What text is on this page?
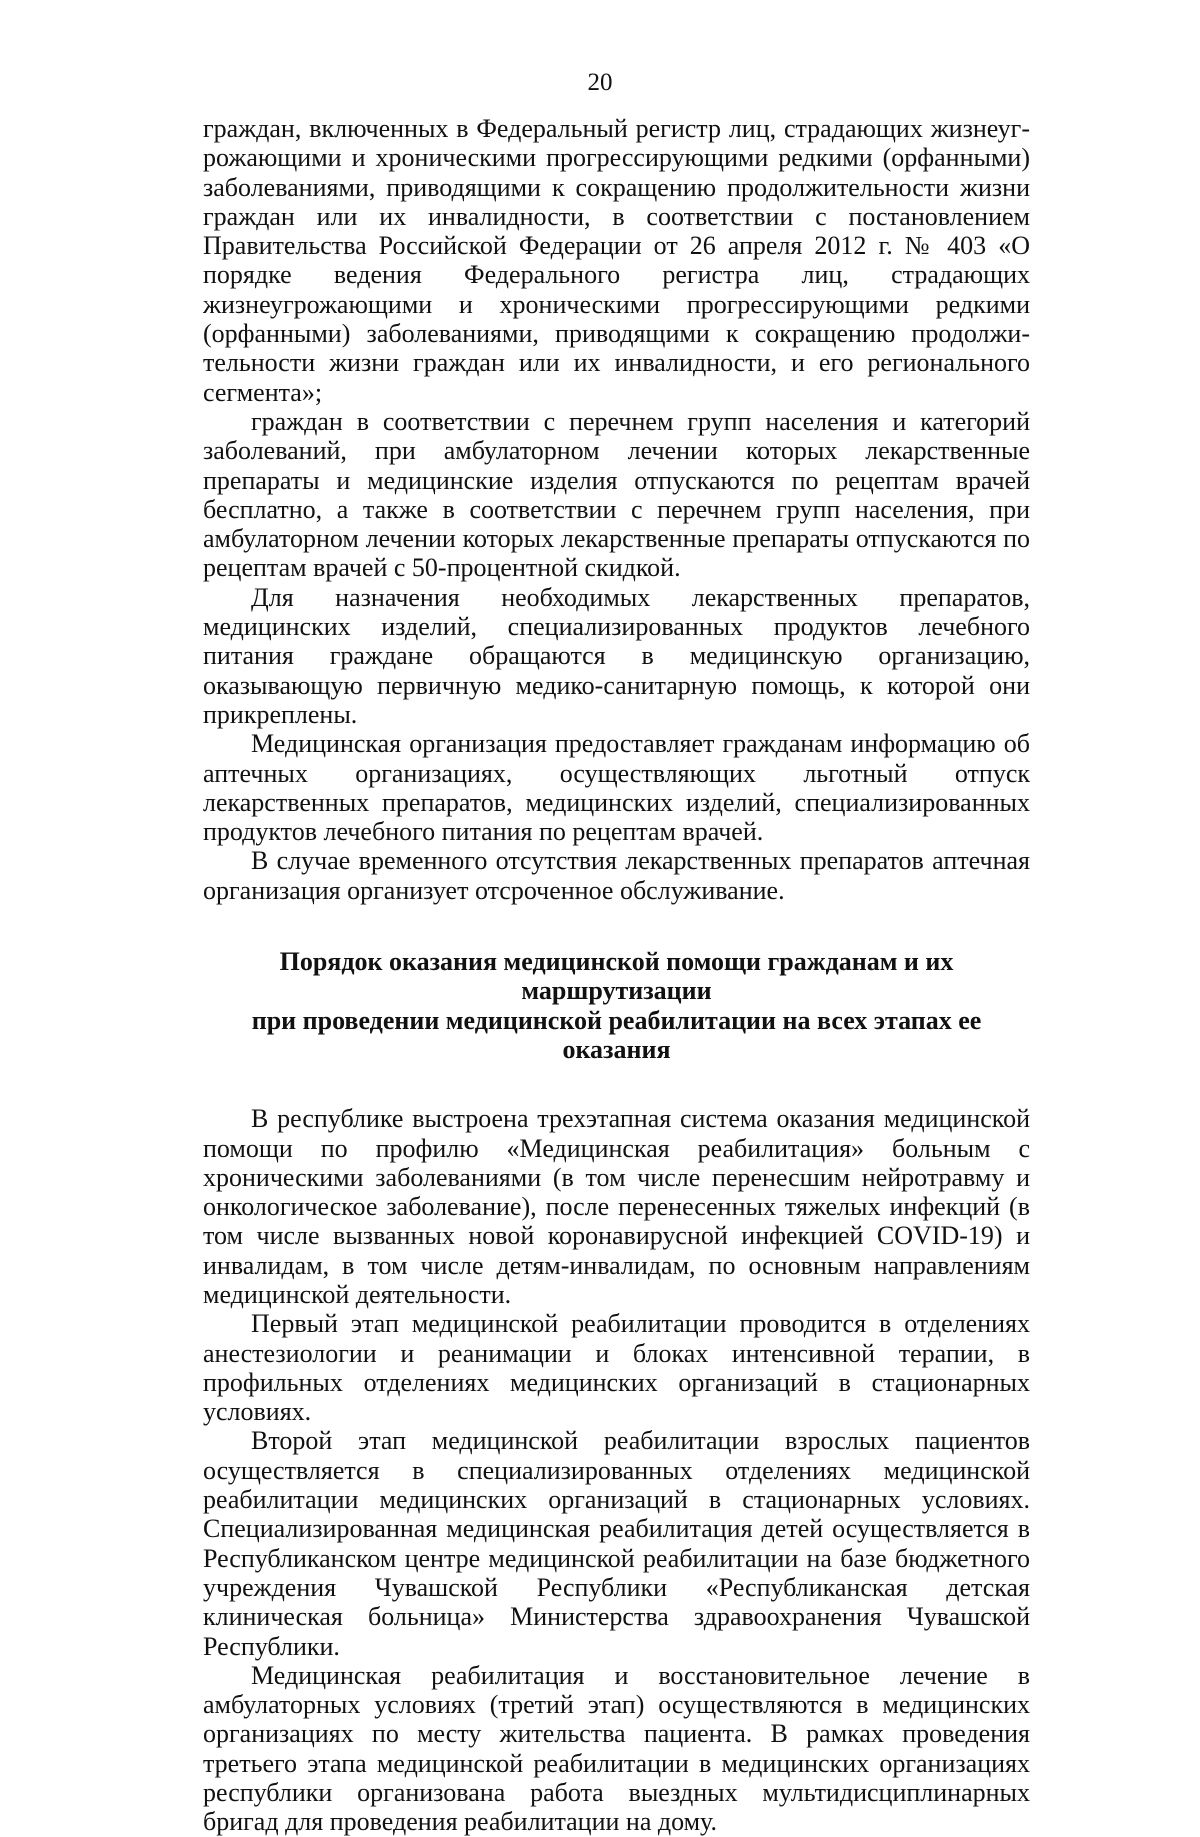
20

граждан, включенных в Федеральный регистр лиц, страдающих жизнеугрожающими и хроническими прогрессирующими редкими (орфанными) заболеваниями, приводящими к сокращению продолжительности жизни граждан или их инвалидности, в соответствии с постановлением Правительства Российской Федерации от 26 апреля 2012 г. № 403 «О порядке ведения Федерального регистра лиц, страдающих жизнеугрожающими и хроническими прогрессирующими редкими (орфанными) заболеваниями, приводящими к сокращению продолжительности жизни граждан или их инвалидности, и его регионального сегмента»;

граждан в соответствии с перечнем групп населения и категорий заболеваний, при амбулаторном лечении которых лекарственные препараты и медицинские изделия отпускаются по рецептам врачей бесплатно, а также в соответствии с перечнем групп населения, при амбулаторном лечении которых лекарственные препараты отпускаются по рецептам врачей с 50-процентной скидкой.

Для назначения необходимых лекарственных препаратов, медицинских изделий, специализированных продуктов лечебного питания граждане обращаются в медицинскую организацию, оказывающую первичную медико-санитарную помощь, к которой они прикреплены.

Медицинская организация предоставляет гражданам информацию об аптечных организациях, осуществляющих льготный отпуск лекарственных препаратов, медицинских изделий, специализированных продуктов лечебного питания по рецептам врачей.

В случае временного отсутствия лекарственных препаратов аптечная организация организует отсроченное обслуживание.

Порядок оказания медицинской помощи гражданам и их маршрутизации
при проведении медицинской реабилитации на всех этапах ее оказания

В республике выстроена трехэтапная система оказания медицинской помощи по профилю «Медицинская реабилитация» больным с хроническими заболеваниями (в том числе перенесшим нейротравму и онкологическое заболевание), после перенесенных тяжелых инфекций (в том числе вызванных новой коронавирусной инфекцией COVID-19) и инвалидам, в том числе детям-инвалидам, по основным направлениям медицинской деятельности.

Первый этап медицинской реабилитации проводится в отделениях анестезиологии и реанимации и блоках интенсивной терапии, в профильных отделениях медицинских организаций в стационарных условиях.

Второй этап медицинской реабилитации взрослых пациентов осуществляется в специализированных отделениях медицинской реабилитации медицинских организаций в стационарных условиях. Специализированная медицинская реабилитация детей осуществляется в Республиканском центре медицинской реабилитации на базе бюджетного учреждения Чувашской Республики «Республиканская детская клиническая больница» Министерства здравоохранения Чувашской Республики.

Медицинская реабилитация и восстановительное лечение в амбулаторных условиях (третий этап) осуществляются в медицинских организациях по месту жительства пациента. В рамках проведения третьего этапа медицинской реабилитации в медицинских организациях республики организована работа выездных мультидисциплинарных бригад для проведения реабилитации на дому.
